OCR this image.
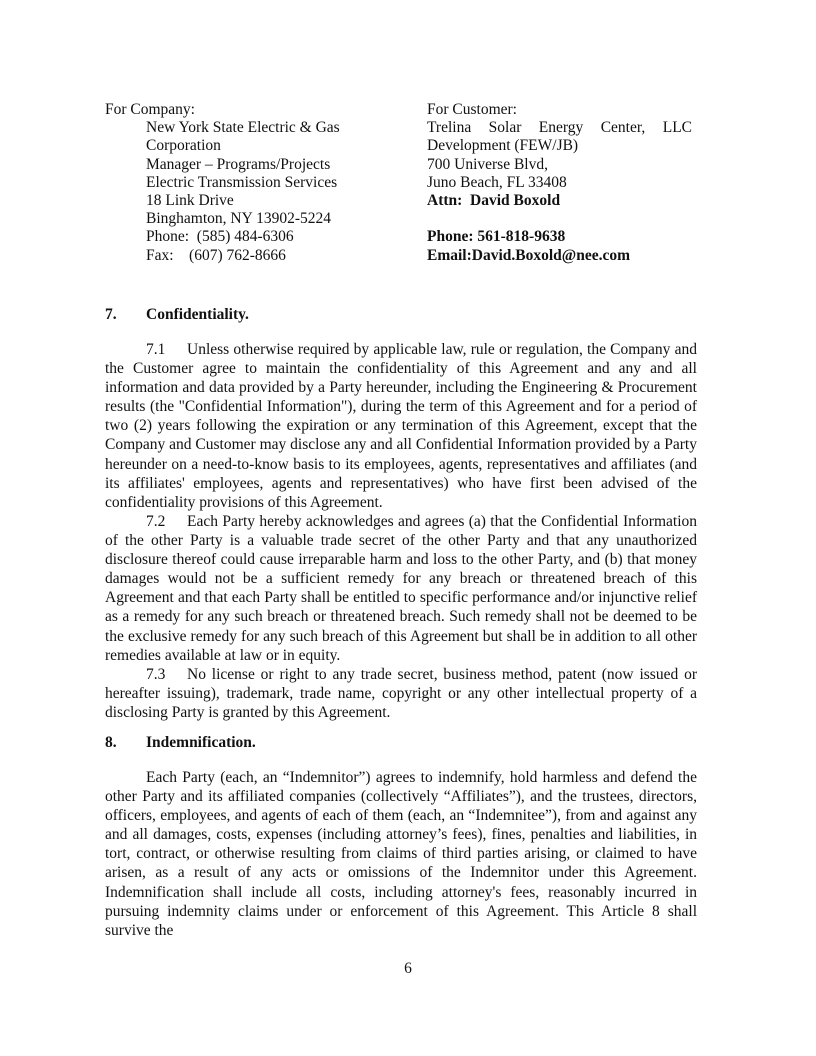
For Company:
New York State Electric & Gas
Corporation
Manager – Programs/Projects
Electric Transmission Services
18 Link Drive
Binghamton, NY 13902-5224
Phone:  (585) 484-6306
Fax:    (607) 762-8666
For Customer:
Trelina Solar Energy Center, LLC
Development (FEW/JB)
700 Universe Blvd,
Juno Beach, FL 33408
Attn:  David Boxold
Phone: 561-818-9638
Email:David.Boxold@nee.com
7. Confidentiality.

7.1 Unless otherwise required by applicable law, rule or regulation, the Company and the Customer agree to maintain the confidentiality of this Agreement and any and all information and data provided by a Party hereunder, including the Engineering & Procurement results (the "Confidential Information"), during the term of this Agreement and for a period of two (2) years following the expiration or any termination of this Agreement, except that the Company and Customer may disclose any and all Confidential Information provided by a Party hereunder on a need-to-know basis to its employees, agents, representatives and affiliates (and its affiliates' employees, agents and representatives) who have first been advised of the confidentiality provisions of this Agreement.

7.2 Each Party hereby acknowledges and agrees (a) that the Confidential Information of the other Party is a valuable trade secret of the other Party and that any unauthorized disclosure thereof could cause irreparable harm and loss to the other Party, and (b) that money damages would not be a sufficient remedy for any breach or threatened breach of this Agreement and that each Party shall be entitled to specific performance and/or injunctive relief as a remedy for any such breach or threatened breach. Such remedy shall not be deemed to be the exclusive remedy for any such breach of this Agreement but shall be in addition to all other remedies available at law or in equity.

7.3 No license or right to any trade secret, business method, patent (now issued or hereafter issuing), trademark, trade name, copyright or any other intellectual property of a disclosing Party is granted by this Agreement.

8. Indemnification.

Each Party (each, an “Indemnitor”) agrees to indemnify, hold harmless and defend the other Party and its affiliated companies (collectively “Affiliates”), and the trustees, directors, officers, employees, and agents of each of them (each, an “Indemnitee”), from and against any and all damages, costs, expenses (including attorney’s fees), fines, penalties and liabilities, in tort, contract, or otherwise resulting from claims of third parties arising, or claimed to have arisen, as a result of any acts or omissions of the Indemnitor under this Agreement. Indemnification shall include all costs, including attorney's fees, reasonably incurred in pursuing indemnity claims under or enforcement of this Agreement. This Article 8 shall survive the

6
